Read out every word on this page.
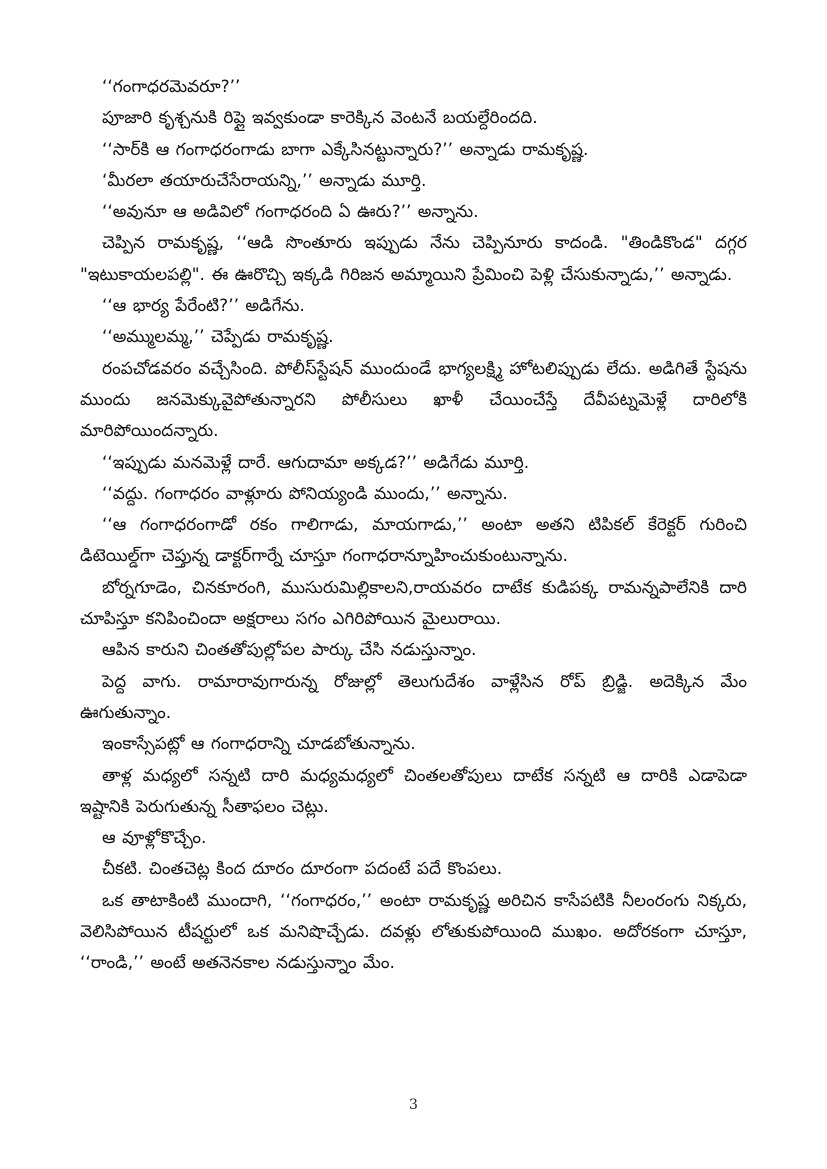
‘‘గంగాధరమెవరూ?’’

పూజారి కృశ్చనుకి రిప్లై ఇవ్వకుండా కారెక్కిన వెంటనే బయల్దేరిందది.

‘‘సార్‌కి ఆ గంగాధరంగాడు బాగా ఎక్కేసినట్టున్నారు?’’ అన్నాడు రామకృష్ణ.

‘మీరలా తయారుచేసేరాయన్ని,’’ అన్నాడు మూర్తి.

‘‘అవునూ ఆ అడివిలో గంగాధరంది ఏ ఊరు?’’ అన్నాను.

చెప్పిన రామకృష్ణ, ‘‘ఆడి సొంతూరు ఇప్పుడు నేను చెప్పినూరు కాదండి. "తిండికొండ" దగ్గర "ఇటుకాయలపల్లి". ఈ ఊరొచ్చి ఇక్కడి గిరిజన అమ్మాయిని ప్రేమించి పెళ్లి చేసుకున్నాడు,’’ అన్నాడు.

‘‘ఆ భార్య పేరేంటి?’’ అడిగేను.

‘‘అమ్ములమ్మ,’’ చెప్పేడు రామకృష్ణ.

రంపచోడవరం వచ్చేసింది. పోలీస్‌స్టేషన్ ముందుండే భాగ్యలక్ష్మి హోటలిప్పుడు లేదు. అడిగితే స్టేషను ముందు జనమెక్కువైపోతున్నారని పోలీసులు ఖాళీ చేయించేస్తే దేవీపట్నమెళ్లే దారిలోకి మారిపోయిందన్నారు.

‘‘ఇప్పుడు మనమెళ్లే దారే. ఆగుదామా అక్కడ?’’ అడిగేడు మూర్తి.

‘‘వద్దు. గంగాధరం వాళ్లూరు పోనియ్యండి ముందు,’’ అన్నాను.

‘‘ఆ గంగాధరంగాడో రకం గాలిగాడు, మాయగాడు,’’ అంటా అతని టిపికల్ కేరెక్టర్ గురించి డిటెయిల్డ్‌గా చెప్తున్న డాక్టర్‌గార్నే చూస్తూ గంగాధరాన్నూహించుకుంటున్నాను.

బోర్నగూడెం, చినకూరంగి, ముసురుమిల్లికాలని,రాయవరం దాటేక కుడిపక్క రామన్నపాలేనికి దారి చూపిస్తూ కనిపించిందా అక్షరాలు సగం ఎగిరిపోయిన మైలురాయి.

ఆపిన కారుని చింతతోపుల్లోపల పార్కు చేసి నడుస్తున్నాం.

పెద్ద వాగు. రామారావుగారున్న రోజుల్లో తెలుగుదేశం వాళ్లేసిన రోప్ బ్రిడ్జి. అదెక్కిన మేం ఊగుతున్నాం.

ఇంకాస్సేపట్లో ఆ గంగాధరాన్ని చూడబోతున్నాను.

తాళ్ల మధ్యలో సన్నటి దారి మధ్యమధ్యలో చింతలతోపులు దాటేక సన్నటి ఆ దారికి ఎడాపెడా ఇష్టానికి పెరుగుతున్న సీతాఫలం చెట్లు.

ఆ వూళ్లోకొచ్చేం.

చీకటి. చింతచెట్ల కింద దూరం దూరంగా పదంటే పదే కొంపలు.

ఒక తాటాకింటి ముందాగి, ‘‘గంగాధరం,’’ అంటా రామకృష్ణ అరిచిన కాసేపటికి నీలంరంగు నిక్కరు, వెలిసిపోయిన టీషర్టులో ఒక మనిషొచ్చేడు. దవళ్లు లోతుకుపోయింది ముఖం. అదోరకంగా చూస్తూ, ‘‘రాండి,’’ అంటే అతనెనకాల నడుస్తున్నాం మేం.

3
